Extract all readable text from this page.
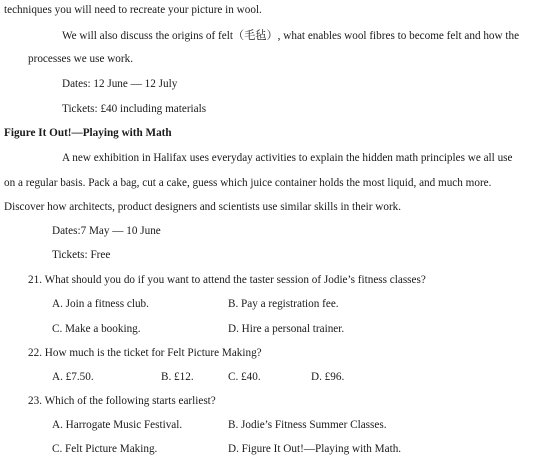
techniques you will need to recreate your picture in wool.
We will also discuss the origins of felt（毛毡）, what enables wool fibres to become felt and how the
processes we use work.
Dates: 12 June — 12 July
Tickets: £40 including materials
Figure It Out!—Playing with Math
A new exhibition in Halifax uses everyday activities to explain the hidden math principles we all use
on a regular basis. Pack a bag, cut a cake, guess which juice container holds the most liquid, and much more.
Discover how architects, product designers and scientists use similar skills in their work.
Dates:7 May — 10 June
Tickets: Free
21. What should you do if you want to attend the taster session of Jodie’s fitness classes?
A. Join a fitness club.	B. Pay a registration fee.
C. Make a booking.	D. Hire a personal trainer.
22. How much is the ticket for Felt Picture Making?
A. £7.50.	B. £12.	C. £40.	D. £96.
23. Which of the following starts earliest?
A. Harrogate Music Festival.	B. Jodie’s Fitness Summer Classes.
C. Felt Picture Making.	D. Figure It Out!—Playing with Math.
